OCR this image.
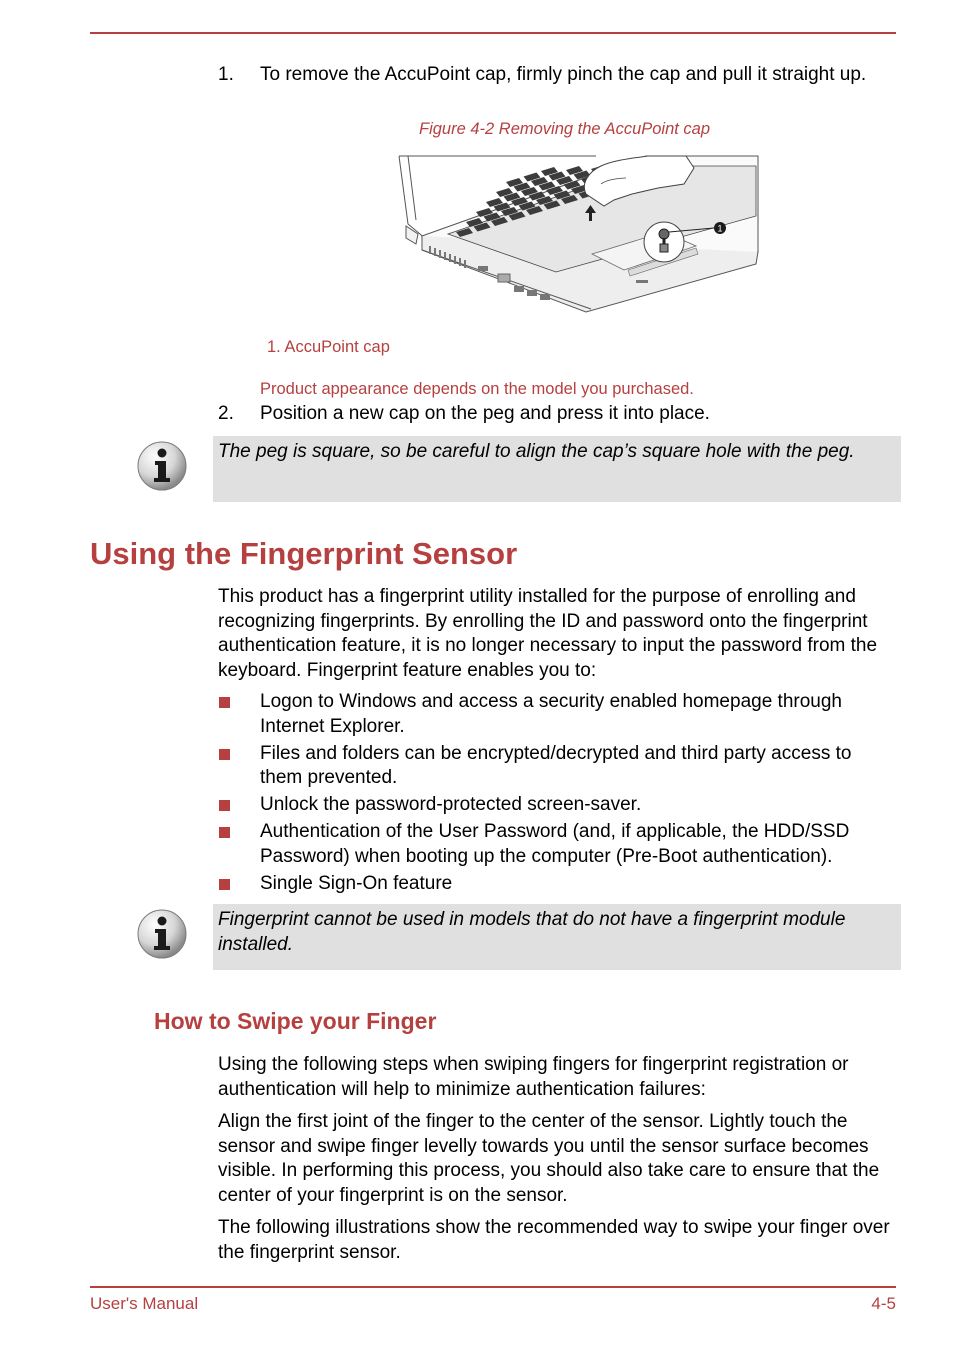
1. To remove the AccuPoint cap, firmly pinch the cap and pull it straight up.
Figure 4-2 Removing the AccuPoint cap
1
1. AccuPoint cap
Product appearance depends on the model you purchased.
2. Position a new cap on the peg and press it into place.

The peg is square, so be careful to align the cap’s square hole with the peg.

Using the Fingerprint Sensor

This product has a fingerprint utility installed for the purpose of enrolling and recognizing fingerprints. By enrolling the ID and password onto the fingerprint authentication feature, it is no longer necessary to input the password from the keyboard. Fingerprint feature enables you to:

Logon to Windows and access a security enabled homepage through Internet Explorer.
Files and folders can be encrypted/decrypted and third party access to them prevented.
Unlock the password-protected screen-saver.
Authentication of the User Password (and, if applicable, the HDD/SSD Password) when booting up the computer (Pre-Boot authentication).
Single Sign-On feature

Fingerprint cannot be used in models that do not have a fingerprint module installed.

How to Swipe your Finger

Using the following steps when swiping fingers for fingerprint registration or authentication will help to minimize authentication failures:

Align the first joint of the finger to the center of the sensor. Lightly touch the sensor and swipe finger levelly towards you until the sensor surface becomes visible. In performing this process, you should also take care to ensure that the center of your fingerprint is on the sensor.

The following illustrations show the recommended way to swipe your finger over the fingerprint sensor.

User's Manual	4-5
